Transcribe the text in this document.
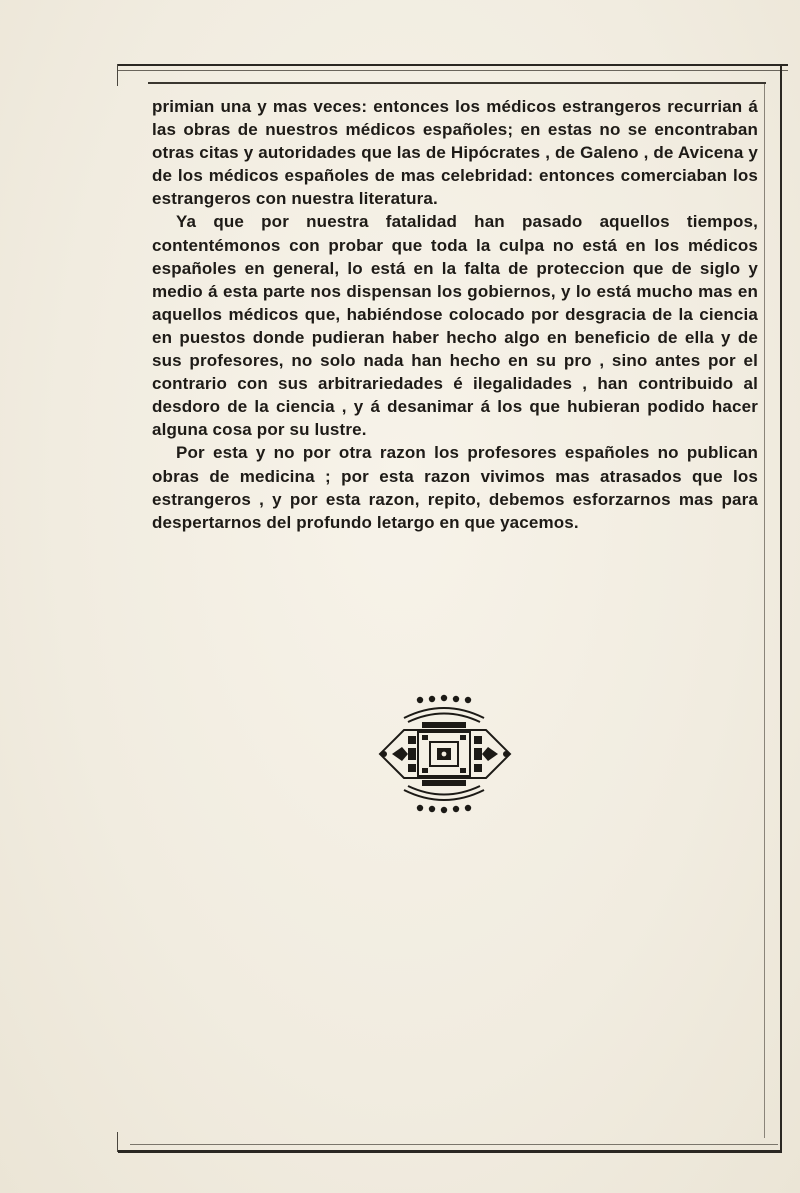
primian una y mas veces: entonces los médicos estrangeros recurrian á las obras de nuestros médicos españoles; en estas no se encontraban otras citas y autoridades que las de Hipócrates , de Galeno , de Avicena y de los médicos españoles de mas celebridad: entonces comerciaban los estrangeros con nuestra literatura.

Ya que por nuestra fatalidad han pasado aquellos tiempos, contentémonos con probar que toda la culpa no está en los médicos españoles en general, lo está en la falta de proteccion que de siglo y medio á esta parte nos dispensan los gobiernos, y lo está mucho mas en aquellos médicos que, habiéndose colocado por desgracia de la ciencia en puestos donde pudieran haber hecho algo en beneficio de ella y de sus profesores, no solo nada han hecho en su pro , sino antes por el contrario con sus arbitrariedades é ilegalidades , han contribuido al desdoro de la ciencia , y á desanimar á los que hubieran podido hacer alguna cosa por su lustre.

Por esta y no por otra razon los profesores españoles no publican obras de medicina ; por esta razon vivimos mas atrasados que los estrangeros , y por esta razon, repito, debemos esforzarnos mas para despertarnos del profundo letargo en que yacemos.
